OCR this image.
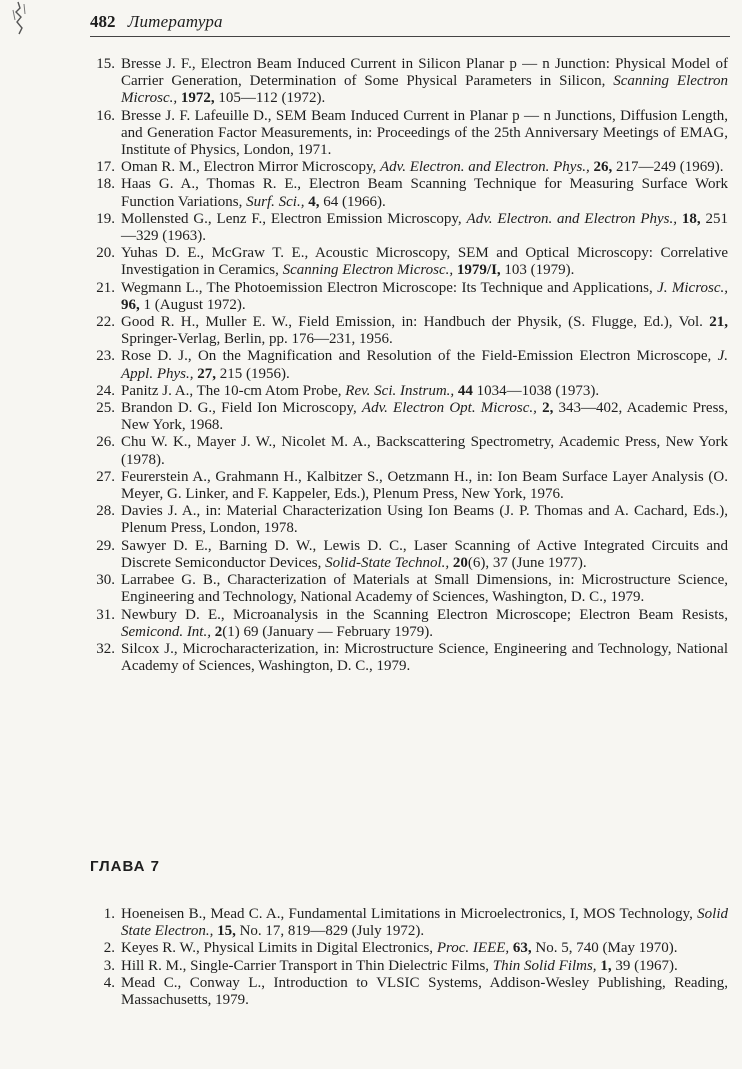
482 Литература
15. Bresse J. F., Electron Beam Induced Current in Silicon Planar p — n Junction: Physical Model of Carrier Generation, Determination of Some Physical Parameters in Silicon, Scanning Electron Microsc., 1972, 105—112 (1972).
16. Bresse J. F. Lafeuille D., SEM Beam Induced Current in Planar p — n Junctions, Diffusion Length, and Generation Factor Measurements, in: Proceedings of the 25th Anniversary Meetings of EMAG, Institute of Physics, London, 1971.
17. Oman R. M., Electron Mirror Microscopy, Adv. Electron. and Electron. Phys., 26, 217—249 (1969).
18. Haas G. A., Thomas R. E., Electron Beam Scanning Technique for Measuring Surface Work Function Variations, Surf. Sci., 4, 64 (1966).
19. Mollensted G., Lenz F., Electron Emission Microscopy, Adv. Electron. and Electron Phys., 18, 251—329 (1963).
20. Yuhas D. E., McGraw T. E., Acoustic Microscopy, SEM and Optical Microscopy: Correlative Investigation in Ceramics, Scanning Electron Microsc., 1979/I, 103 (1979).
21. Wegmann L., The Photoemission Electron Microscope: Its Technique and Applications, J. Microsc., 96, 1 (August 1972).
22. Good R. H., Muller E. W., Field Emission, in: Handbuch der Physik, (S. Flugge, Ed.), Vol. 21, Springer-Verlag, Berlin, pp. 176—231, 1956.
23. Rose D. J., On the Magnification and Resolution of the Field-Emission Electron Microscope, J. Appl. Phys., 27, 215 (1956).
24. Panitz J. A., The 10-cm Atom Probe, Rev. Sci. Instrum., 44 1034—1038 (1973).
25. Brandon D. G., Field Ion Microscopy, Adv. Electron Opt. Microsc., 2, 343—402, Academic Press, New York, 1968.
26. Chu W. K., Mayer J. W., Nicolet M. A., Backscattering Spectrometry, Academic Press, New York (1978).
27. Feurerstein A., Grahmann H., Kalbitzer S., Oetzmann H., in: Ion Beam Surface Layer Analysis (O. Meyer, G. Linker, and F. Kappeler, Eds.), Plenum Press, New York, 1976.
28. Davies J. A., in: Material Characterization Using Ion Beams (J. P. Thomas and A. Cachard, Eds.), Plenum Press, London, 1978.
29. Sawyer D. E., Barning D. W., Lewis D. C., Laser Scanning of Active Integrated Circuits and Discrete Semiconductor Devices, Solid-State Technol., 20(6), 37 (June 1977).
30. Larrabee G. B., Characterization of Materials at Small Dimensions, in: Microstructure Science, Engineering and Technology, National Academy of Sciences, Washington, D. C., 1979.
31. Newbury D. E., Microanalysis in the Scanning Electron Microscope; Electron Beam Resists, Semicond. Int., 2(1) 69 (January — February 1979).
32. Silcox J., Microcharacterization, in: Microstructure Science, Engineering and Technology, National Academy of Sciences, Washington, D. C., 1979.
ГЛАВА 7
1. Hoeneisen B., Mead C. A., Fundamental Limitations in Microelectronics, I, MOS Technology, Solid State Electron., 15, No. 17, 819—829 (July 1972).
2. Keyes R. W., Physical Limits in Digital Electronics, Proc. IEEE, 63, No. 5, 740 (May 1970).
3. Hill R. M., Single-Carrier Transport in Thin Dielectric Films, Thin Solid Films, 1, 39 (1967).
4. Mead C., Conway L., Introduction to VLSIC Systems, Addison-Wesley Publishing, Reading, Massachusetts, 1979.
